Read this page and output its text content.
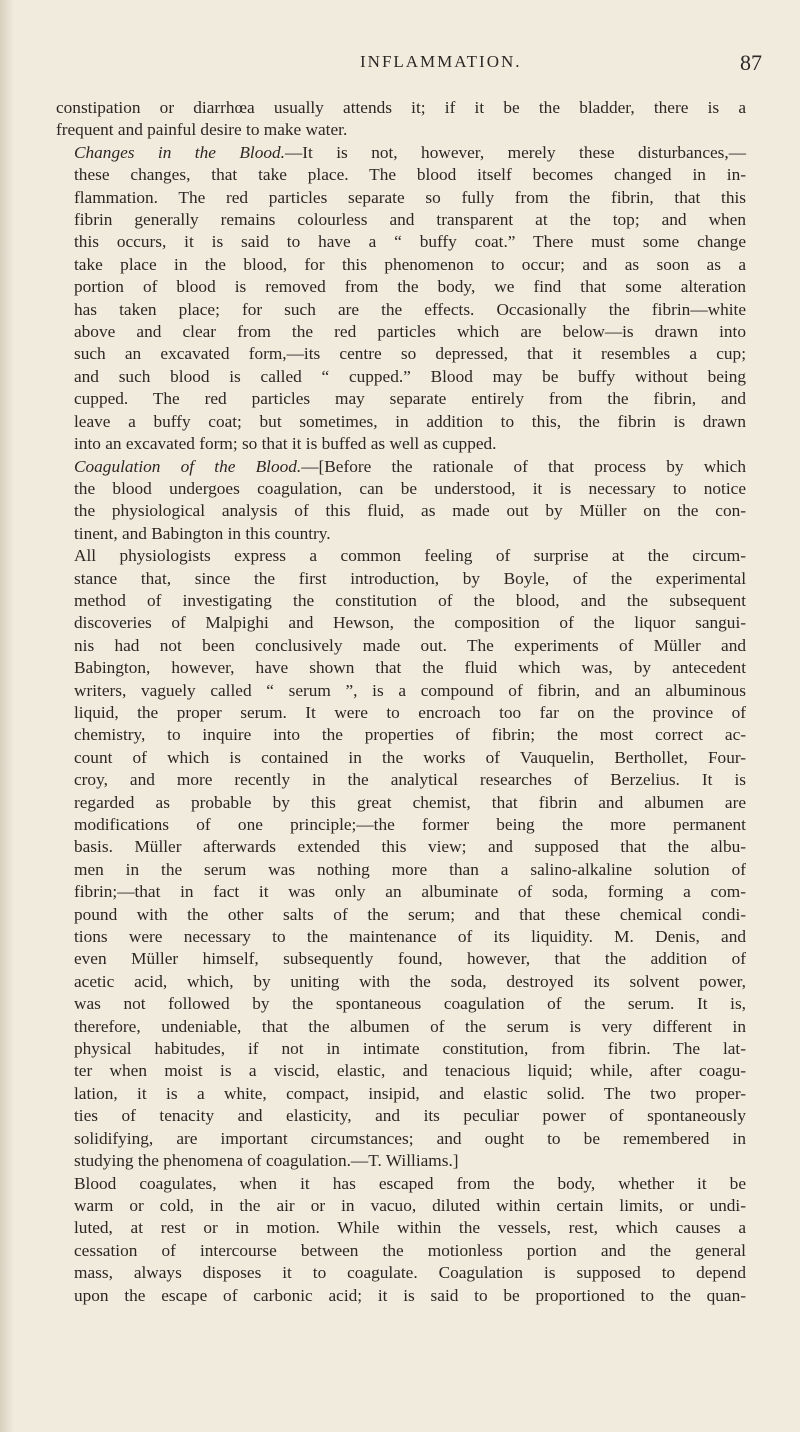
INFLAMMATION.	87

constipation or diarrhœa usually attends it; if it be the bladder, there is a
frequent and painful desire to make water.

Changes in the Blood.—It is not, however, merely these disturbances,—
these changes, that take place. The blood itself becomes changed in in-
flammation. The red particles separate so fully from the fibrin, that this
fibrin generally remains colourless and transparent at the top; and when
this occurs, it is said to have a “ buffy coat.” There must some change
take place in the blood, for this phenomenon to occur; and as soon as a
portion of blood is removed from the body, we find that some alteration
has taken place; for such are the effects. Occasionally the fibrin—white
above and clear from the red particles which are below—is drawn into
such an excavated form,—its centre so depressed, that it resembles a cup;
and such blood is called “ cupped.” Blood may be buffy without being
cupped. The red particles may separate entirely from the fibrin, and
leave a buffy coat; but sometimes, in addition to this, the fibrin is drawn
into an excavated form; so that it is buffed as well as cupped.

Coagulation of the Blood.—[Before the rationale of that process by which
the blood undergoes coagulation, can be understood, it is necessary to notice
the physiological analysis of this fluid, as made out by Müller on the con-
tinent, and Babington in this country.

All physiologists express a common feeling of surprise at the circum-
stance that, since the first introduction, by Boyle, of the experimental
method of investigating the constitution of the blood, and the subsequent
discoveries of Malpighi and Hewson, the composition of the liquor sangui-
nis had not been conclusively made out. The experiments of Müller and
Babington, however, have shown that the fluid which was, by antecedent
writers, vaguely called “ serum ”, is a compound of fibrin, and an albuminous
liquid, the proper serum. It were to encroach too far on the province of
chemistry, to inquire into the properties of fibrin; the most correct ac-
count of which is contained in the works of Vauquelin, Berthollet, Four-
croy, and more recently in the analytical researches of Berzelius. It is
regarded as probable by this great chemist, that fibrin and albumen are
modifications of one principle;—the former being the more permanent
basis. Müller afterwards extended this view; and supposed that the albu-
men in the serum was nothing more than a salino-alkaline solution of
fibrin;—that in fact it was only an albuminate of soda, forming a com-
pound with the other salts of the serum; and that these chemical condi-
tions were necessary to the maintenance of its liquidity. M. Denis, and
even Müller himself, subsequently found, however, that the addition of
acetic acid, which, by uniting with the soda, destroyed its solvent power,
was not followed by the spontaneous coagulation of the serum. It is,
therefore, undeniable, that the albumen of the serum is very different in
physical habitudes, if not in intimate constitution, from fibrin. The lat-
ter when moist is a viscid, elastic, and tenacious liquid; while, after coagu-
lation, it is a white, compact, insipid, and elastic solid. The two proper-
ties of tenacity and elasticity, and its peculiar power of spontaneously
solidifying, are important circumstances; and ought to be remembered in
studying the phenomena of coagulation.—T. Williams.]

Blood coagulates, when it has escaped from the body, whether it be
warm or cold, in the air or in vacuo, diluted within certain limits, or undi-
luted, at rest or in motion. While within the vessels, rest, which causes a
cessation of intercourse between the motionless portion and the general
mass, always disposes it to coagulate. Coagulation is supposed to depend
upon the escape of carbonic acid; it is said to be proportioned to the quan-
